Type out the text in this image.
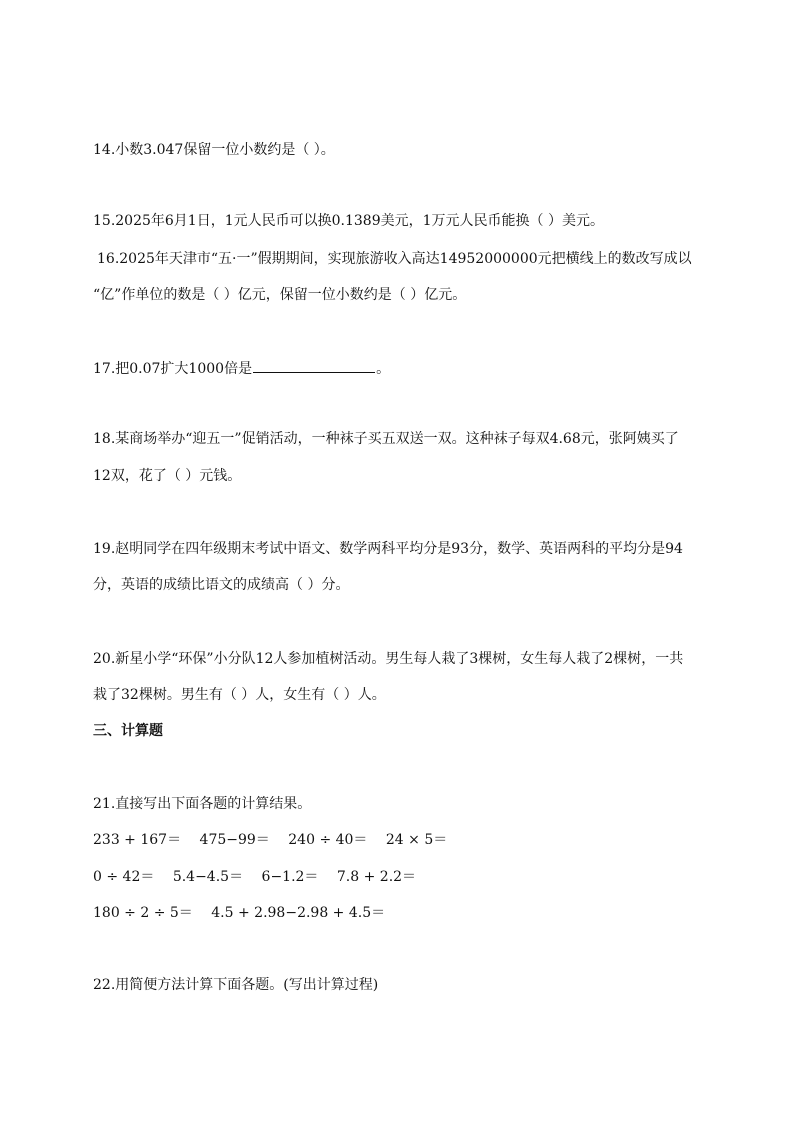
14.小数3.047保留一位小数约是（ ）。
15.2025年6月1日，1元人民币可以换0.1389美元，1万元人民币能换（ ）美元。
16.2025年天津市“五·一”假期期间，实现旅游收入高达14952000000元把横线上的数改写成以
“亿”作单位的数是（ ）亿元，保留一位小数约是（ ）亿元。
17.把0.07扩大1000倍是	。
18.某商场举办“迎五一”促销活动，一种袜子买五双送一双。这种袜子每双4.68元，张阿姨买了
12双，花了（ ）元钱。
19.赵明同学在四年级期末考试中语文、数学两科平均分是93分，数学、英语两科的平均分是94
分，英语的成绩比语文的成绩高（ ）分。
20.新星小学“环保”小分队12人参加植树活动。男生每人栽了3棵树，女生每人栽了2棵树，一共
栽了32棵树。男生有（ ）人，女生有（ ）人。
三、计算题
21.直接写出下面各题的计算结果。
233 + 167＝ 475−99＝ 240 ÷ 40＝ 24 × 5＝
0 ÷ 42＝ 5.4−4.5＝ 6−1.2＝ 7.8 + 2.2＝
180 ÷ 2 ÷ 5＝ 4.5 + 2.98−2.98 + 4.5＝
22.用简便方法计算下面各题。(写出计算过程)
